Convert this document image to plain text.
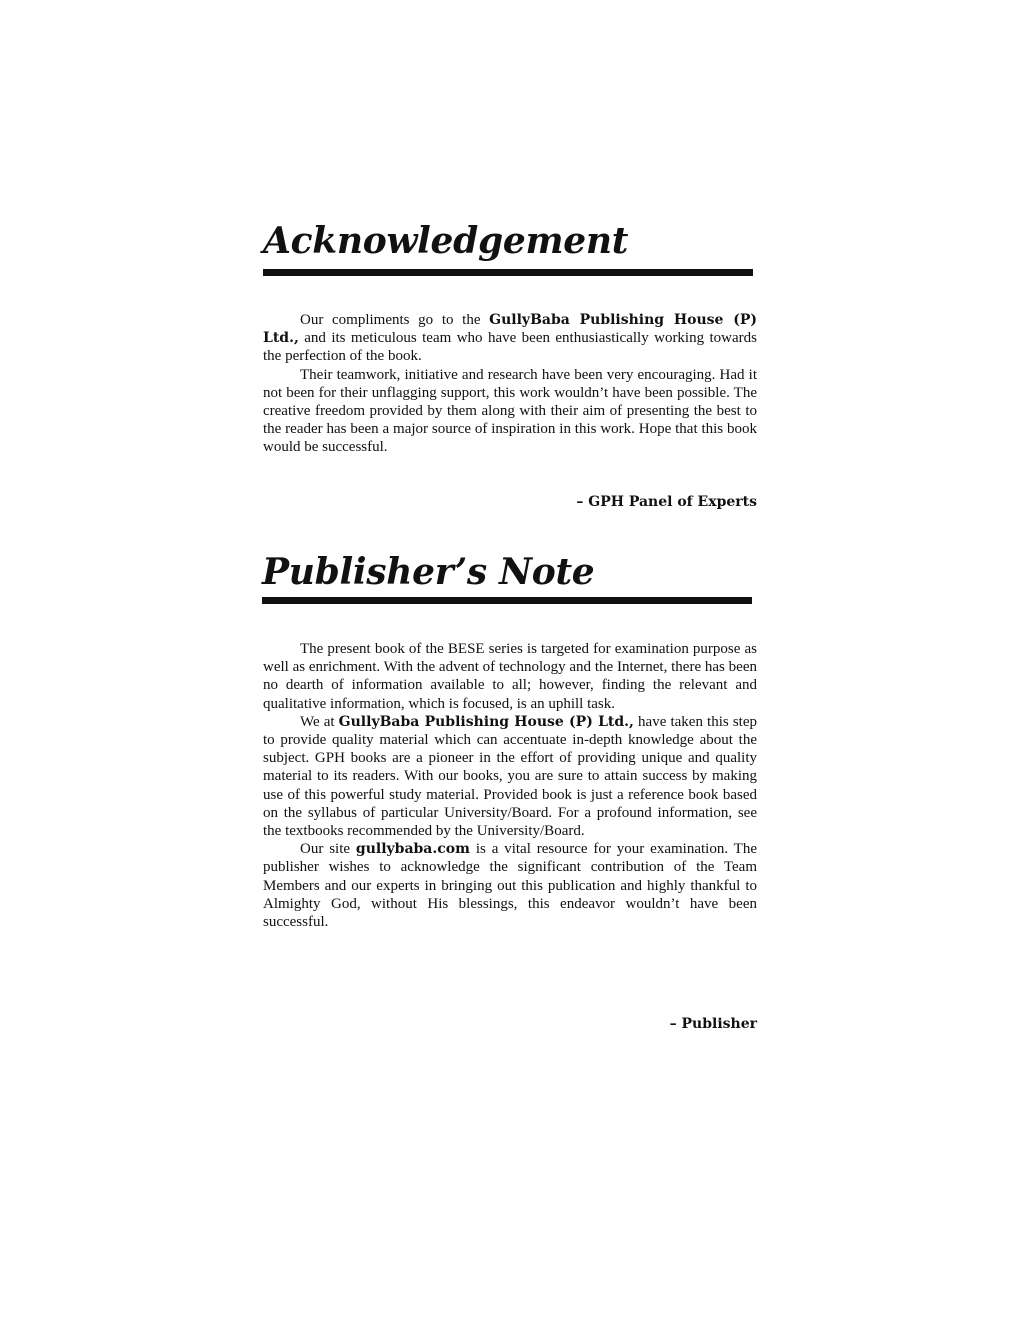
Acknowledgement

Our compliments go to the GullyBaba Publishing House (P) Ltd., and its meticulous team who have been enthusiastically working towards the perfection of the book.

Their teamwork, initiative and research have been very encouraging. Had it not been for their unflagging support, this work wouldn’t have been possible. The creative freedom provided by them along with their aim of presenting the best to the reader has been a major source of inspiration in this work. Hope that this book would be successful.

– GPH Panel of Experts

Publisher’s Note

The present book of the BESE series is targeted for examination purpose as well as enrichment. With the advent of technology and the Internet, there has been no dearth of information available to all; however, finding the relevant and qualitative information, which is focused, is an uphill task.

We at GullyBaba Publishing House (P) Ltd., have taken this step to provide quality material which can accentuate in-depth knowledge about the subject. GPH books are a pioneer in the effort of providing unique and quality material to its readers. With our books, you are sure to attain success by making use of this powerful study material. Provided book is just a reference book based on the syllabus of particular University/Board. For a profound information, see the textbooks recommended by the University/Board.

Our site gullybaba.com is a vital resource for your examination. The publisher wishes to acknowledge the significant contribution of the Team Members and our experts in bringing out this publication and highly thankful to Almighty God, without His blessings, this endeavor wouldn’t have been successful.

– Publisher
